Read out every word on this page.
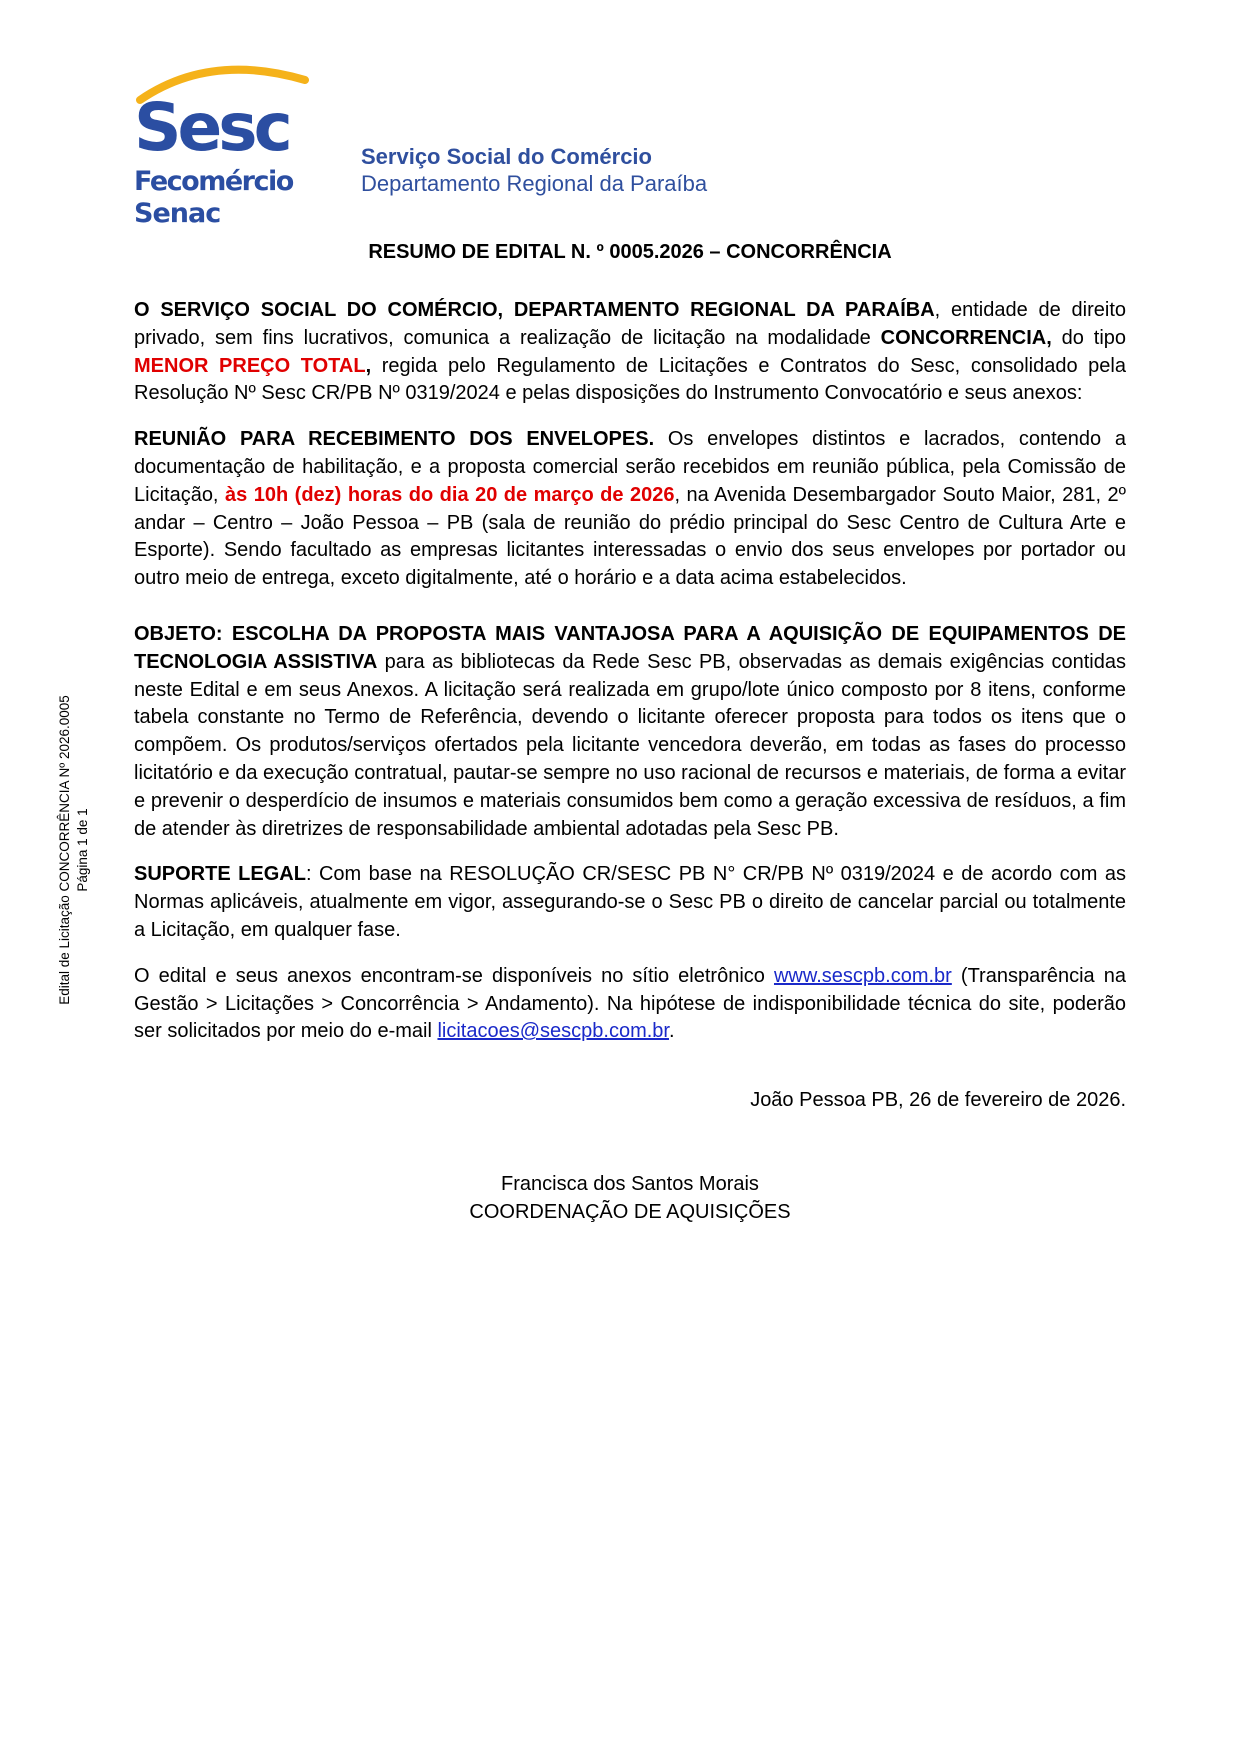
Sesc
Fecomércio
Senac
Serviço Social do Comércio
Departamento Regional da Paraíba
RESUMO DE EDITAL N. º 0005.2026 – CONCORRÊNCIA

O SERVIÇO SOCIAL DO COMÉRCIO, DEPARTAMENTO REGIONAL DA PARAÍBA, entidade de direito privado, sem fins lucrativos, comunica a realização de licitação na modalidade CONCORRENCIA, do tipo MENOR PREÇO TOTAL, regida pelo Regulamento de Licitações e Contratos do Sesc, consolidado pela Resolução Nº Sesc CR/PB Nº 0319/2024 e pelas disposições do Instrumento Convocatório e seus anexos:

REUNIÃO PARA RECEBIMENTO DOS ENVELOPES. Os envelopes distintos e lacrados, contendo a documentação de habilitação, e a proposta comercial serão recebidos em reunião pública, pela Comissão de Licitação, às 10h (dez) horas do dia 20 de março de 2026, na Avenida Desembargador Souto Maior, 281, 2º andar – Centro – João Pessoa – PB (sala de reunião do prédio principal do Sesc Centro de Cultura Arte e Esporte). Sendo facultado as empresas licitantes interessadas o envio dos seus envelopes por portador ou outro meio de entrega, exceto digitalmente, até o horário e a data acima estabelecidos.

OBJETO: ESCOLHA DA PROPOSTA MAIS VANTAJOSA PARA A AQUISIÇÃO DE EQUIPAMENTOS DE TECNOLOGIA ASSISTIVA para as bibliotecas da Rede Sesc PB, observadas as demais exigências contidas neste Edital e em seus Anexos. A licitação será realizada em grupo/lote único composto por 8 itens, conforme tabela constante no Termo de Referência, devendo o licitante oferecer proposta para todos os itens que o compõem. Os produtos/serviços ofertados pela licitante vencedora deverão, em todas as fases do processo licitatório e da execução contratual, pautar-se sempre no uso racional de recursos e materiais, de forma a evitar e prevenir o desperdício de insumos e materiais consumidos bem como a geração excessiva de resíduos, a fim de atender às diretrizes de responsabilidade ambiental adotadas pela Sesc PB.

SUPORTE LEGAL: Com base na RESOLUÇÃO CR/SESC PB N° CR/PB Nº 0319/2024 e de acordo com as Normas aplicáveis, atualmente em vigor, assegurando-se o Sesc PB o direito de cancelar parcial ou totalmente a Licitação, em qualquer fase.

O edital e seus anexos encontram-se disponíveis no sítio eletrônico www.sescpb.com.br (Transparência na Gestão > Licitações > Concorrência > Andamento). Na hipótese de indisponibilidade técnica do site, poderão ser solicitados por meio do e-mail licitacoes@sescpb.com.br.

João Pessoa PB, 26 de fevereiro de 2026.
Francisca dos Santos Morais
COORDENAÇÃO DE AQUISIÇÕES
Edital de Licitação CONCORRÊNCIA Nº 2026.0005 Página 1 de 1
